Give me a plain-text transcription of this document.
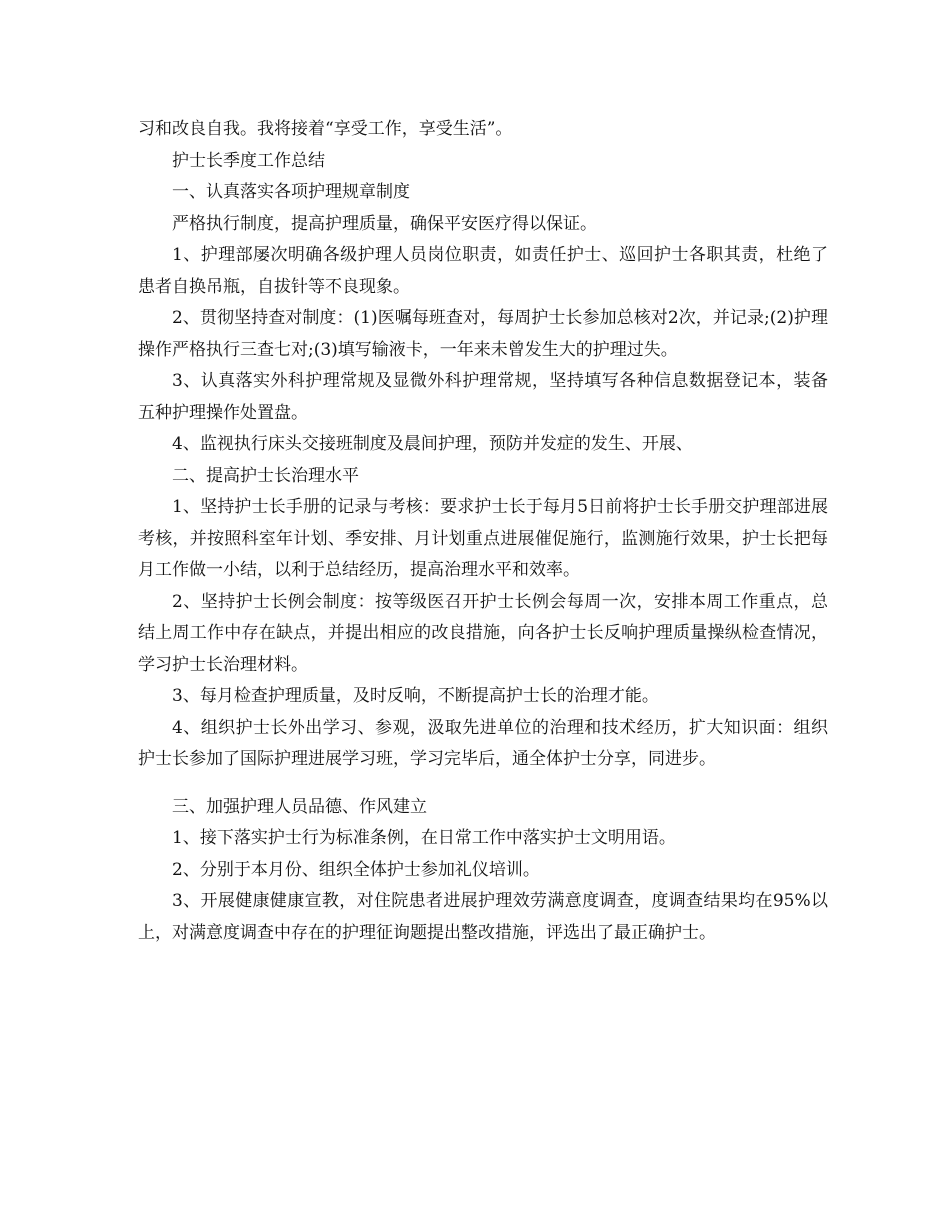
习和改良自我。我将接着“享受工作，享受生活”。

护士长季度工作总结

一、认真落实各项护理规章制度

严格执行制度，提高护理质量，确保平安医疗得以保证。

1、护理部屡次明确各级护理人员岗位职责，如责任护士、巡回护士各职其责，杜绝了患者自换吊瓶，自拔针等不良现象。

2、贯彻坚持查对制度：(1)医嘱每班查对，每周护士长参加总核对2次，并记录;(2)护理操作严格执行三查七对;(3)填写输液卡，一年来未曾发生大的护理过失。

3、认真落实外科护理常规及显微外科护理常规，坚持填写各种信息数据登记本，装备五种护理操作处置盘。

4、监视执行床头交接班制度及晨间护理，预防并发症的发生、开展、

二、提高护士长治理水平

1、坚持护士长手册的记录与考核：要求护士长于每月5日前将护士长手册交护理部进展考核，并按照科室年计划、季安排、月计划重点进展催促施行，监测施行效果，护士长把每月工作做一小结，以利于总结经历，提高治理水平和效率。

2、坚持护士长例会制度：按等级医召开护士长例会每周一次，安排本周工作重点，总结上周工作中存在缺点，并提出相应的改良措施，向各护士长反响护理质量操纵检查情况，学习护士长治理材料。

3、每月检查护理质量，及时反响，不断提高护士长的治理才能。

4、组织护士长外出学习、参观，汲取先进单位的治理和技术经历，扩大知识面：组织护士长参加了国际护理进展学习班，学习完毕后，通全体护士分享，同进步。

三、加强护理人员品德、作风建立

1、接下落实护士行为标准条例，在日常工作中落实护士文明用语。

2、分别于本月份、组织全体护士参加礼仪培训。

3、开展健康健康宣教，对住院患者进展护理效劳满意度调查，度调查结果均在95%以上，对满意度调查中存在的护理征询题提出整改措施，评选出了最正确护士。
